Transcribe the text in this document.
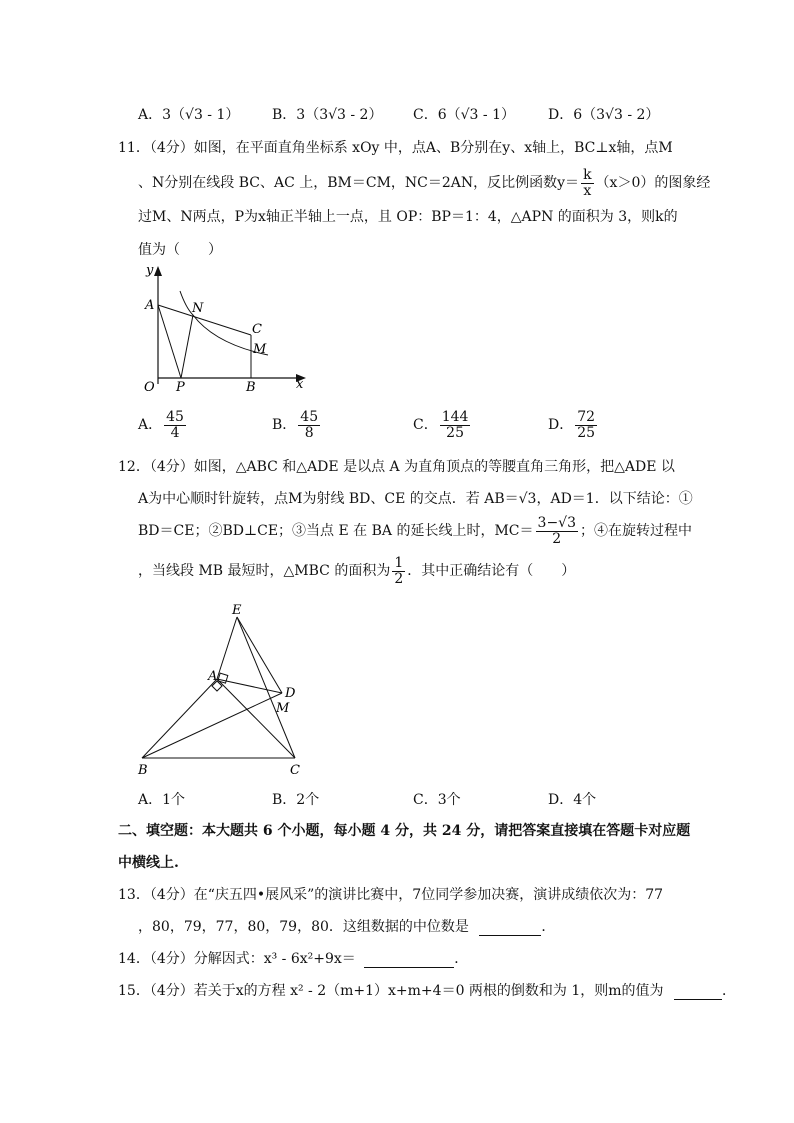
A．3（√3 - 1） B．3（3√3 - 2） C．6（√3 - 1） D．6（3√3 - 2）
11．（4分）如图，在平面直角坐标系 xOy 中，点A、B分别在y、x轴上，BC⊥x轴，点M
、N分别在线段 BC、AC 上，BM＝CM，NC＝2AN，反比例函数$y= \frac{k}{x} (x>0)$的图象经
过M、N两点，P为x轴正半轴上一点，且 OP：BP＝1：4，△APN 的面积为 3，则k的
值为（　　）
y
A	N
C
M
O P	B	x
A． $\frac{45}{4}$	B． $\frac{45}{8}$	C． $\frac{144}{25}$	D． $\frac{72}{25}$
12．（4分）如图，△ABC 和△ADE 是以点 A 为直角顶点的等腰直角三角形，把△ADE 以
A为中心顺时针旋转，点M为射线 BD、CE 的交点．若 AB＝√3，AD＝1．以下结论：①
BD＝CE；②BD⊥CE；③当点 E 在 BA 的延长线上时，$MC= \frac{3-√3}{2}$ ；④在旋转过程中
，当线段 MB 最短时，△MBC 的面积为 $\frac{1}{2}$ ．其中正确结论有（　　）
E
A
D
M
B	C
A．1个	B．2个	C．3个	D．4个
二、填空题：本大题共 6 个小题，每小题 4 分，共 24 分，请把答案直接填在答题卡对应题
中横线上.
13．（4分）在“庆五四•展风采”的演讲比赛中，7位同学参加决赛，演讲成绩依次为：77
，80，79，77，80，79，80．这组数据的中位数是	．
14．（4分）分解因式：x³ - 6x²+9x＝	．
15．（4分）若关于x的方程 x² - 2（m+1）x+m+4＝0 两根的倒数和为 1，则m的值为	．
